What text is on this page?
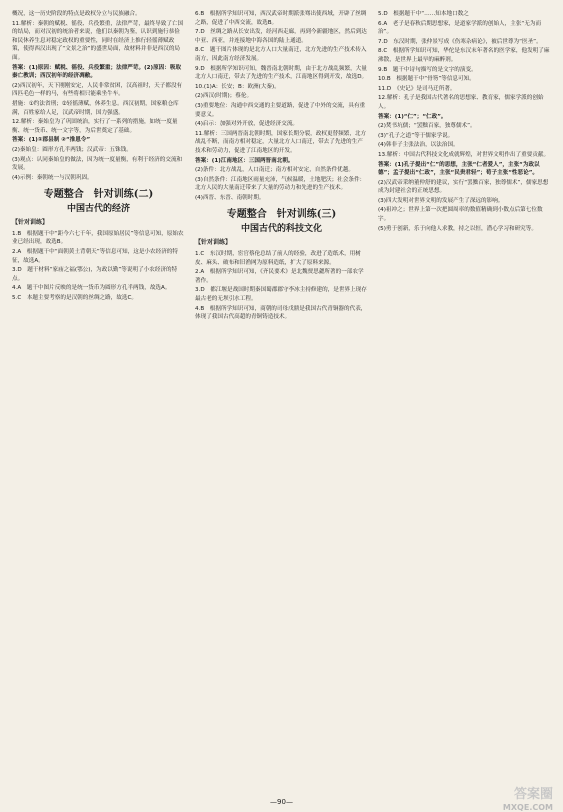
概况，这一历史阶段的特点是政权分立与民族融合。

11.解析：秦朝的赋税、徭役、兵役繁重，法律严苛，最终导致了亡国的结局，而对汉初的统治者来说，他们以秦朝为鉴，认识到施行恭俭和民休养生息对稳定政权的重要性，同时在经济上推行轻徭薄赋政策，使得西汉出现了“文景之治”的盛世局面，故材料并非是西汉的局面。

答案：(1)原因：赋税、徭役、兵役繁重；法律严苛。(2)原因：吸取秦亡教训；西汉初年的经济凋敝。

(2)西汉初年，天下刚刚安定，人民非常贫困，汉高祖时，天子都没有四匹毛色一样的马，有些将相只能乘坐牛车。

措施：①约法省刑；②轻徭薄赋，休养生息。西汉初期，国家粮仓库满，百姓家给人足，汉武帝时期，国力强盛。

12.解析：秦始皇为了巩固统治，实行了一系列的措施，如统一度量衡、统一货币、统一文字等，为后世奠定了基础。

答案：(1)①郡县制 ②“推恩令”

(2)秦始皇：圆形方孔半两钱；汉武帝：五铢钱。

(3)观点：认同秦始皇的做法，因为统一度量衡，有利于经济的交流和发展。

(4)示例：秦朝统一与汉朝巩固。

专题整合　针对训练(二)
中国古代的经济
【针对训练】

1.B　根据题干中“距今六七千年，我国原始居民”等信息可知，原始农业已经出现，故选B。

2.A　根据题干中“面朝黄土背朝天”等信息可知，这是小农经济的特征，故选A。

3.D　题干材料“家庙之福(鄂公)，为政以勤”等说明了小农经济的特点。

4.A　题干中图片反映的是统一货币为圆形方孔半两钱，故选A。

5.C　本题主要考察的是汉朝的丝绸之路，故选C。

6.B　根据所学知识可知，西汉武帝时期派张骞出使西域，开辟了丝绸之路，促进了中西交流，故选B。

7.D　丝绸之路从长安出发，经河西走廊，再到今新疆地区，然后到达中亚、西亚，并连接地中海各国的陆上通道。

8.C　题干图片体现的是北方人口大量南迁，北方先进的生产技术传入南方，因此南方经济发展。

9.D　根据所学知识可知，魏晋南北朝时期，由于北方战乱频繁，大量北方人口南迁，带去了先进的生产技术，江南地区得到开发，故选D。

10.(1)A：长安；B：欧洲(大秦)。

(2)西汉(时期)；蔡伦。

(3)重要地位：沟通中西交通的主要道路，促进了中外的交流，具有重要意义。

(4)启示：加强对外开放，促进经济交流。

11.解析：三国两晋南北朝时期，国家长期分裂，政权更替频繁，北方战乱不断，而南方相对稳定，大量北方人口南迁，带去了先进的生产技术和劳动力，促进了江南地区的开发。

答案：(1)江南地区：三国两晋南北朝。

(2)条件：北方战乱，人口南迁；南方相对安定，自然条件优越。

(3)自然条件：江南地区雨量充沛，气候温暖，土地肥沃；社会条件：北方人民的大量南迁带来了大量的劳动力和先进的生产技术。

(4)西晋、东晋、南朝时期。

专题整合　针对训练(三)
中国古代的科技文化
【针对训练】

1.C　东汉时期，宦官蔡伦总结了前人的经验，改进了造纸术，用树皮、麻头、破布和旧渔网为原料造纸，扩大了原料来源。

2.A　根据所学知识可知，《齐民要术》是北魏贾思勰所著的一部农学著作。

3.D　都江堰是战国时期秦国蜀郡郡守李冰主持修建的，是世界上现存最古老的无坝引水工程。

4.B　根据所学知识可知，商朝的司母戊鼎是我国古代青铜器的代表，体现了我国古代高超的青铜铸造技术。

5.D　根据题干中“……知本地口数之

6.A　老子是春秋后期思想家，是道家学派的创始人，主张“无为而治”。

7.D　东汉时期，张仲景写成《伤寒杂病论》，被后世尊为“医圣”。

8.C　根据所学知识可知，华佗是东汉末年著名的医学家，他发明了麻沸散，是世界上最早的麻醉剂。

9.B　题干中诗句描写的是文字的演变。

10.B　根据题干中“骨笏”等信息可知。

11.D　《史记》是司马迁所著。

12.解析：孔子是我国古代著名的思想家、教育家，儒家学派的创始人。

答案：(1)“仁”；“仁政”。

(2)焚书坑儒；“罢黜百家，独尊儒术”。

(3)“孔子之道”等于儒家学说。

(4)韩非子主张法治，以法治国。

13.解析：中国古代科技文化成就辉煌，对世界文明作出了重要贡献。

答案：(1)孔子提出“仁”的思想，主张“仁者爱人”，主张“为政以德”；孟子提出“仁政”，主张“民贵君轻”；荀子主张“性恶论”。

(2)汉武帝采纳董仲舒的建议，实行“罢黜百家，独尊儒术”，儒家思想成为封建社会的正统思想。

(3)四大发明对世界文明的发展产生了深远的影响。

(4)祖冲之；世界上第一次把圆周率的数值精确到小数点后第七位数字。

(5)勇于创新，乐于向他人求教，持之以恒，潜心学习和研究等。

—90—	答案圈
MXQE.COM
